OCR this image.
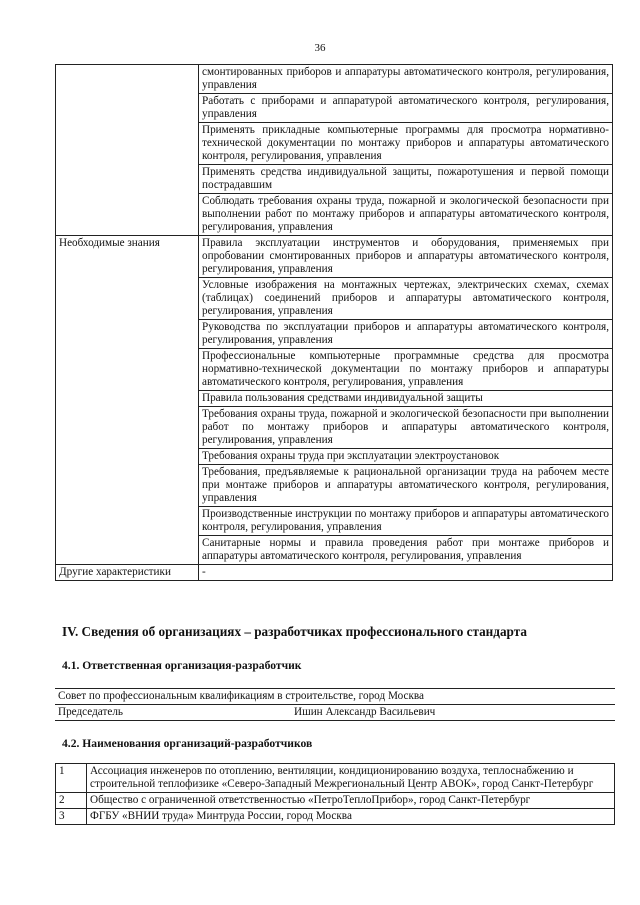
36
	смонтированных приборов и аппаратуры автоматического контроля, регулирования, управления
	Работать с приборами и аппаратурой автоматического контроля, регулирования, управления
	Применять прикладные компьютерные программы для просмотра нормативно-технической документации по монтажу приборов и аппаратуры автоматического контроля, регулирования, управления
	Применять средства индивидуальной защиты, пожаротушения и первой помощи пострадавшим
	Соблюдать требования охраны труда, пожарной и экологической безопасности при выполнении работ по монтажу приборов и аппаратуры автоматического контроля, регулирования, управления
Необходимые знания	Правила эксплуатации инструментов и оборудования, применяемых при опробовании смонтированных приборов и аппаратуры автоматического контроля, регулирования, управления
	Условные изображения на монтажных чертежах, электрических схемах, схемах (таблицах) соединений приборов и аппаратуры автоматического контроля, регулирования, управления
	Руководства по эксплуатации приборов и аппаратуры автоматического контроля, регулирования, управления
	Профессиональные компьютерные программные средства для просмотра нормативно-технической документации по монтажу приборов и аппаратуры автоматического контроля, регулирования, управления
	Правила пользования средствами индивидуальной защиты
	Требования охраны труда, пожарной и экологической безопасности при выполнении работ по монтажу приборов и аппаратуры автоматического контроля, регулирования, управления
	Требования охраны труда при эксплуатации электроустановок
	Требования, предъявляемые к рациональной организации труда на рабочем месте при монтаже приборов и аппаратуры автоматического контроля, регулирования, управления
	Производственные инструкции по монтажу приборов и аппаратуры автоматического контроля, регулирования, управления
	Санитарные нормы и правила проведения работ при монтаже приборов и аппаратуры автоматического контроля, регулирования, управления
Другие характеристики	-
IV. Сведения об организациях – разработчиках профессионального стандарта
4.1. Ответственная организация-разработчик
Совет по профессиональным квалификациям в строительстве, город Москва
Председатель	Ишин Александр Васильевич
4.2. Наименования организаций-разработчиков
1	Ассоциация инженеров по отоплению, вентиляции, кондиционированию воздуха, теплоснабжению и строительной теплофизике «Северо-Западный Межрегиональный Центр АВОК», город Санкт-Петербург
2	Общество с ограниченной ответственностью «ПетроТеплоПрибор», город Санкт-Петербург
3	ФГБУ «ВНИИ труда» Минтруда России, город Москва
